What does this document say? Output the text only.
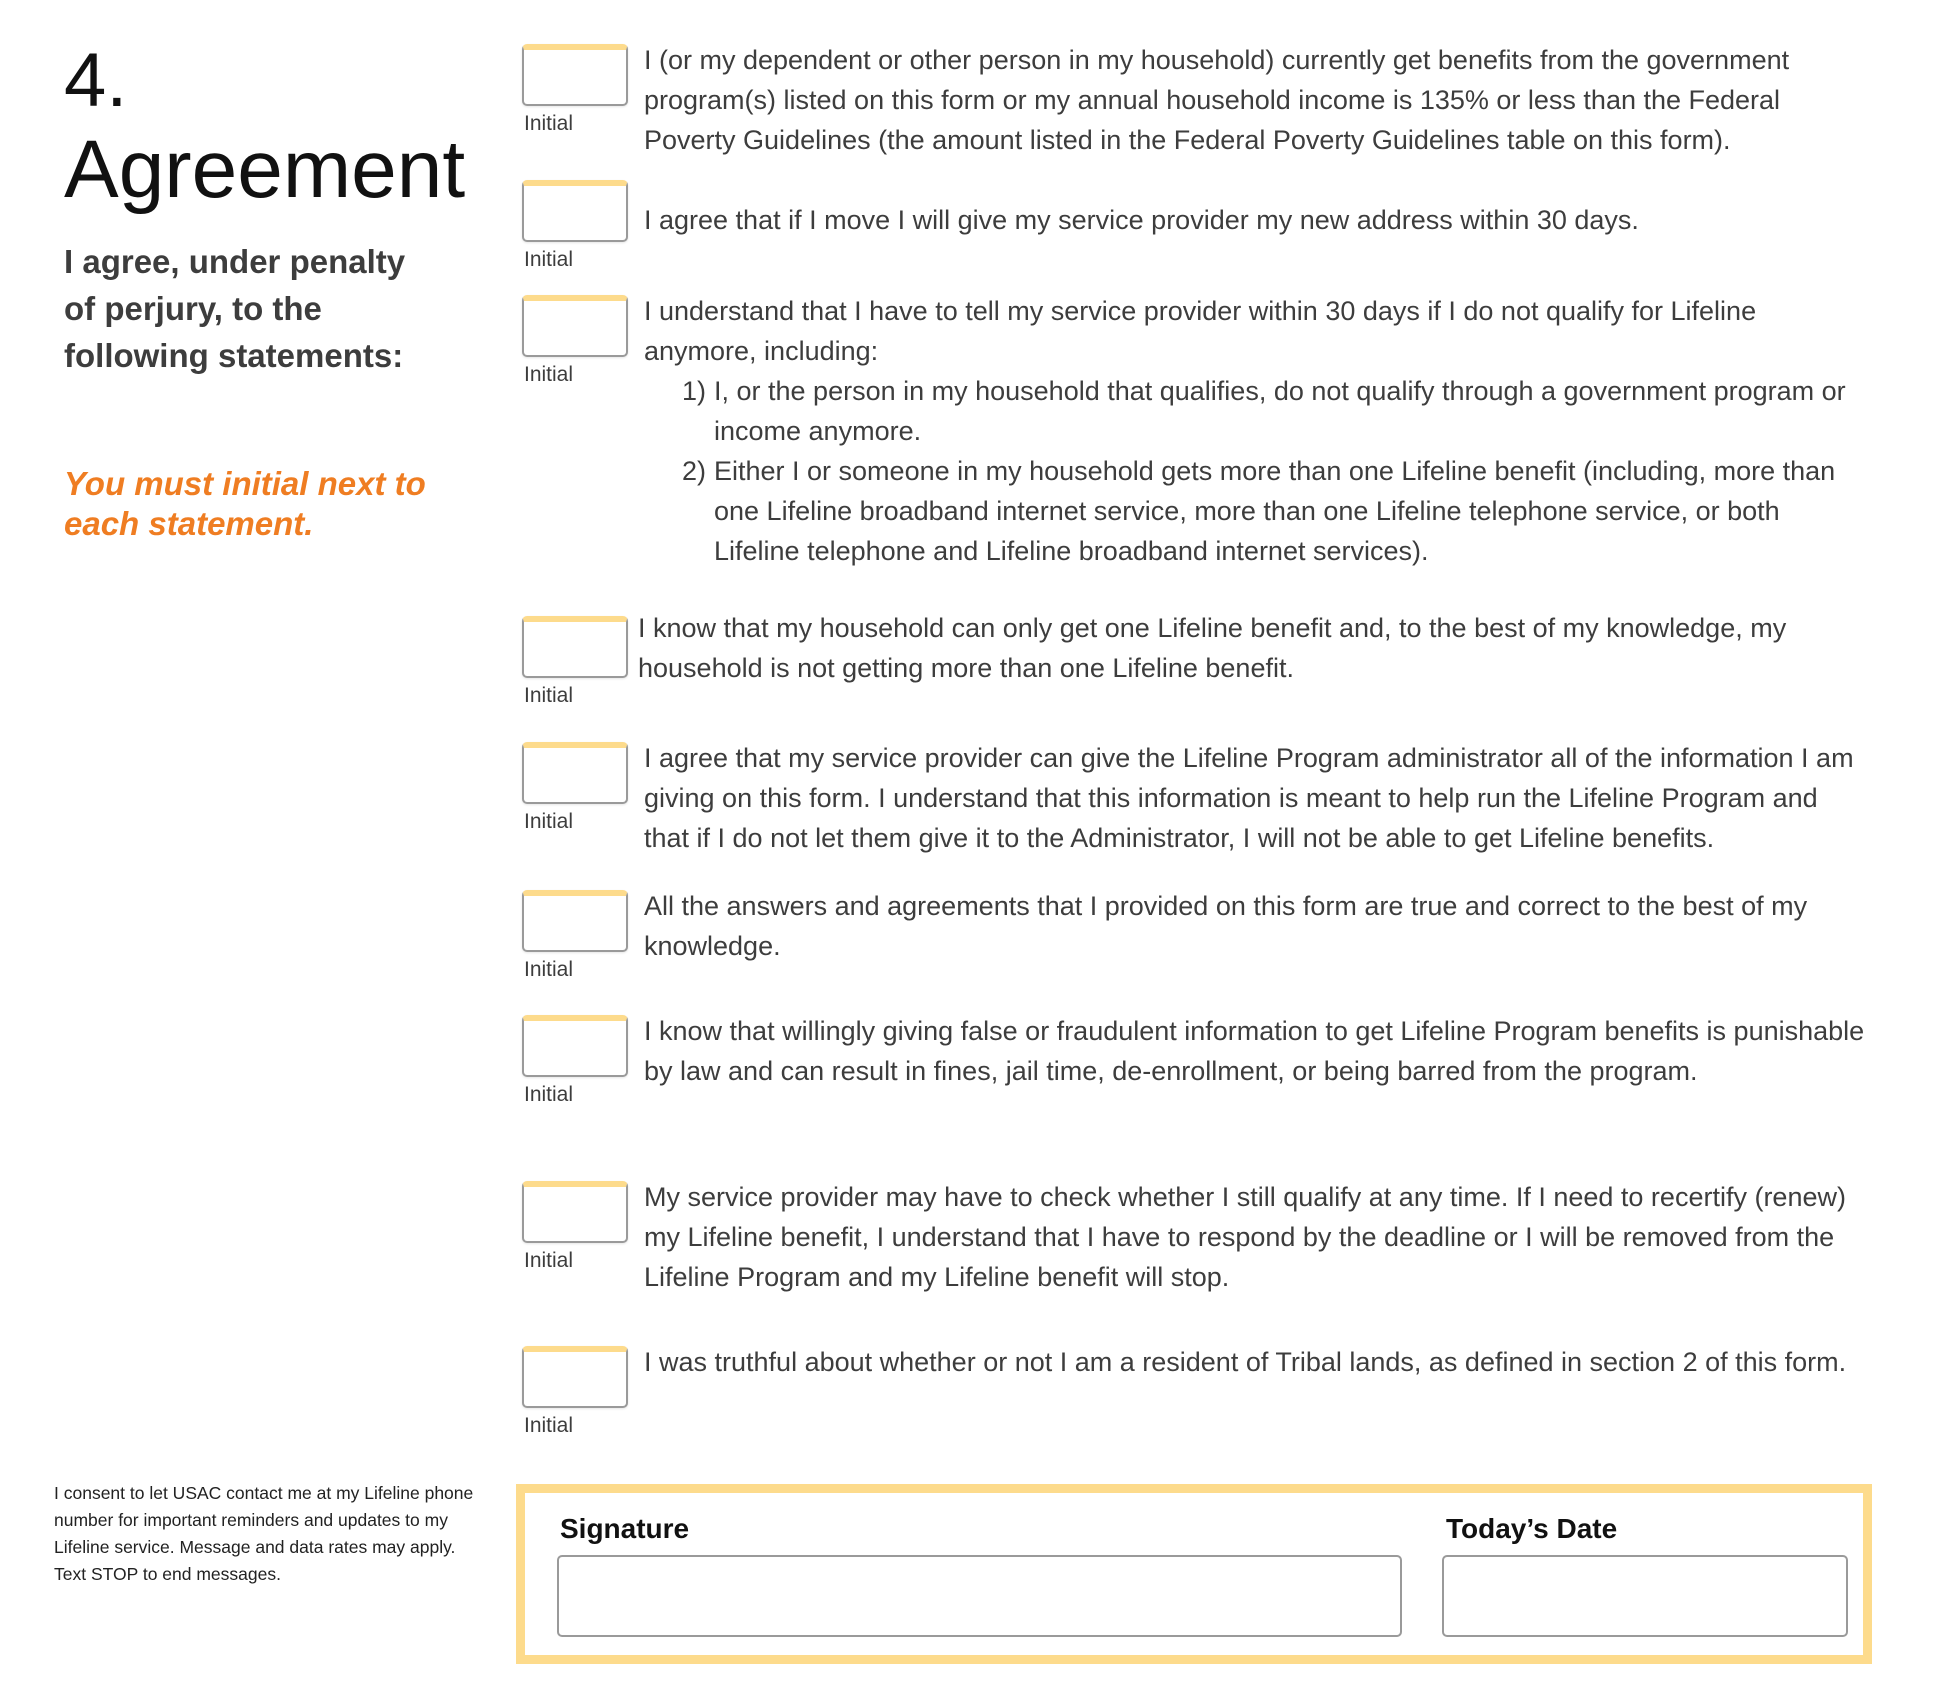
4.
Agreement

I agree, under penalty of perjury, to the following statements:

You must initial next to each statement.

Initial

I (or my dependent or other person in my household) currently get benefits from the government program(s) listed on this form or my annual household income is 135% or less than the Federal Poverty Guidelines (the amount listed in the Federal Poverty Guidelines table on this form).

Initial

I agree that if I move I will give my service provider my new address within 30 days.

Initial
I understand that I have to tell my service provider within 30 days if I do not qualify for Lifeline anymore, including:
1) I, or the person in my household that qualifies, do not qualify through a government program or income anymore.
2) Either I or someone in my household gets more than one Lifeline benefit (including, more than one Lifeline broadband internet service, more than one Lifeline telephone service, or both Lifeline telephone and Lifeline broadband internet services).
Initial

I know that my household can only get one Lifeline benefit and, to the best of my knowledge, my household is not getting more than one Lifeline benefit.

Initial

I agree that my service provider can give the Lifeline Program administrator all of the information I am giving on this form. I understand that this information is meant to help run the Lifeline Program and that if I do not let them give it to the Administrator, I will not be able to get Lifeline benefits.

Initial

All the answers and agreements that I provided on this form are true and correct to the best of my knowledge.

Initial

I know that willingly giving false or fraudulent information to get Lifeline Program benefits is punishable by law and can result in fines, jail time, de-enrollment, or being barred from the program.

Initial

My service provider may have to check whether I still qualify at any time. If I need to recertify (renew) my Lifeline benefit, I understand that I have to respond by the deadline or I will be removed from the Lifeline Program and my Lifeline benefit will stop.

Initial

I was truthful about whether or not I am a resident of Tribal lands, as defined in section 2 of this form.

I consent to let USAC contact me at my Lifeline phone number for important reminders and updates to my Lifeline service. Message and data rates may apply. Text STOP to end messages.

Signature	Today’s Date
